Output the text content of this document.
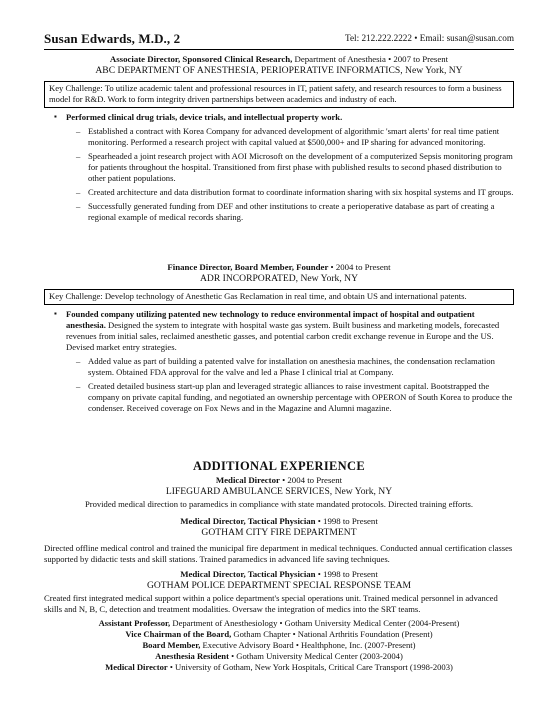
Susan Edwards, M.D., 2	Tel: 212.222.2222 • Email: susan@susan.com
Associate Director, Sponsored Clinical Research, Department of Anesthesia • 2007 to Present
ABC DEPARTMENT OF ANESTHESIA, PERIOPERATIVE INFORMATICS, New York, NY
Key Challenge: To utilize academic talent and professional resources in IT, patient safety, and research resources to form a business model for R&D. Work to form integrity driven partnerships between academics and industry of each.
▪ Performed clinical drug trials, device trials, and intellectual property work.
– Established a contract with Korea Company for advanced development of algorithmic 'smart alerts' for real time patient monitoring. Performed a research project with capital valued at $500,000+ and IP sharing for advanced monitoring.
– Spearheaded a joint research project with AOI Microsoft on the development of a computerized Sepsis monitoring program for patients throughout the hospital. Transitioned from first phase with published results to second phased distribution to other patient populations.
– Created architecture and data distribution format to coordinate information sharing with six hospital systems and IT groups.
– Successfully generated funding from DEF and other institutions to create a perioperative database as part of creating a regional example of medical records sharing.
Finance Director, Board Member, Founder • 2004 to Present
ADR INCORPORATED, New York, NY
Key Challenge: Develop technology of Anesthetic Gas Reclamation in real time, and obtain US and international patents.
▪ Founded company utilizing patented new technology to reduce environmental impact of hospital and outpatient anesthesia. Designed the system to integrate with hospital waste gas system. Built business and marketing models, forecasted revenues from initial sales, reclaimed anesthetic gasses, and potential carbon credit exchange revenue in Europe and the US. Devised market entry strategies.
– Added value as part of building a patented valve for installation on anesthesia machines, the condensation reclamation system. Obtained FDA approval for the valve and led a Phase I clinical trial at Company.
– Created detailed business start-up plan and leveraged strategic alliances to raise investment capital. Bootstrapped the company on private capital funding, and negotiated an ownership percentage with OPERON of South Korea to produce the condenser. Received coverage on Fox News and in the Magazine and Alumni magazine.
ADDITIONAL EXPERIENCE
Medical Director • 2004 to Present
LIFEGUARD AMBULANCE SERVICES, New York, NY
Provided medical direction to paramedics in compliance with state mandated protocols. Directed training efforts.
Medical Director, Tactical Physician • 1998 to Present
GOTHAM CITY FIRE DEPARTMENT
Directed offline medical control and trained the municipal fire department in medical techniques. Conducted annual certification classes supported by didactic tests and skill stations. Trained paramedics in advanced life saving techniques.
Medical Director, Tactical Physician • 1998 to Present
GOTHAM POLICE DEPARTMENT SPECIAL RESPONSE TEAM
Created first integrated medical support within a police department's special operations unit. Trained medical personnel in advanced skills and N, B, C, detection and treatment modalities. Oversaw the integration of medics into the SRT teams.
Assistant Professor, Department of Anesthesiology • Gotham University Medical Center (2004-Present)
Vice Chairman of the Board, Gotham Chapter • National Arthritis Foundation (Present)
Board Member, Executive Advisory Board • Healthphone, Inc. (2007-Present)
Anesthesia Resident • Gotham University Medical Center (2003-2004)
Medical Director • University of Gotham, New York Hospitals, Critical Care Transport (1998-2003)
